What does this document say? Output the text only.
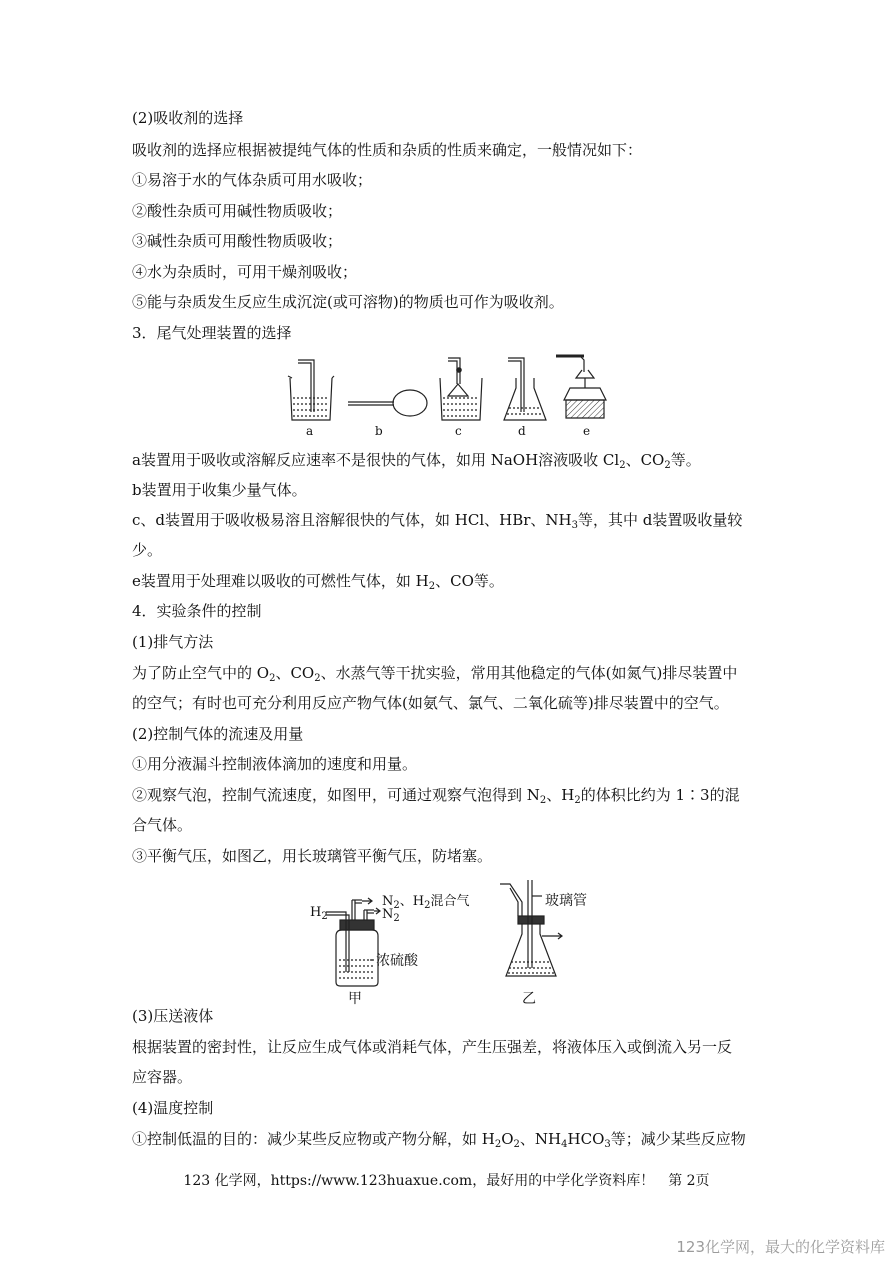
(2)吸收剂的选择
吸收剂的选择应根据被提纯气体的性质和杂质的性质来确定，一般情况如下：
①易溶于水的气体杂质可用水吸收；
②酸性杂质可用碱性物质吸收；
③碱性杂质可用酸性物质吸收；
④水为杂质时，可用干燥剂吸收；
⑤能与杂质发生反应生成沉淀(或可溶物)的物质也可作为吸收剂。
3．尾气处理装置的选择
a	b	c	d	e
a装置用于吸收或溶解反应速率不是很快的气体，如用 NaOH溶液吸收 $Cl_2$、$CO_2$等。
b装置用于收集少量气体。
c、d装置用于吸收极易溶且溶解很快的气体，如 HCl、HBr、$NH_3$等，其中 d装置吸收量较
少。
e装置用于处理难以吸收的可燃性气体，如 $H_2$、CO等。
4．实验条件的控制
(1)排气方法
为了防止空气中的 $O_2$、$CO_2$、水蒸气等干扰实验，常用其他稳定的气体(如氮气)排尽装置中
的空气；有时也可充分利用反应产物气体(如氨气、氯气、二氧化硫等)排尽装置中的空气。
(2)控制气体的流速及用量
①用分液漏斗控制液体滴加的速度和用量。
②观察气泡，控制气流速度，如图甲，可通过观察气泡得到 $N_2$、$H_2$的体积比约为 1∶3的混
合气体。
③平衡气压，如图乙，用长玻璃管平衡气压，防堵塞。
$H_2$
$N_2$、$H_2$混合气
$N_2$
浓硫酸
甲
玻璃管
乙
(3)压送液体
根据装置的密封性，让反应生成气体或消耗气体，产生压强差，将液体压入或倒流入另一反
应容器。
(4)温度控制
①控制低温的目的：减少某些反应物或产物分解，如 $H_2O_2$、$NH_4HCO_3$等；减少某些反应物
123 化学网，https://www.123huaxue.com，最好用的中学化学资料库！　第 2页
123化学网，最大的化学资料库
